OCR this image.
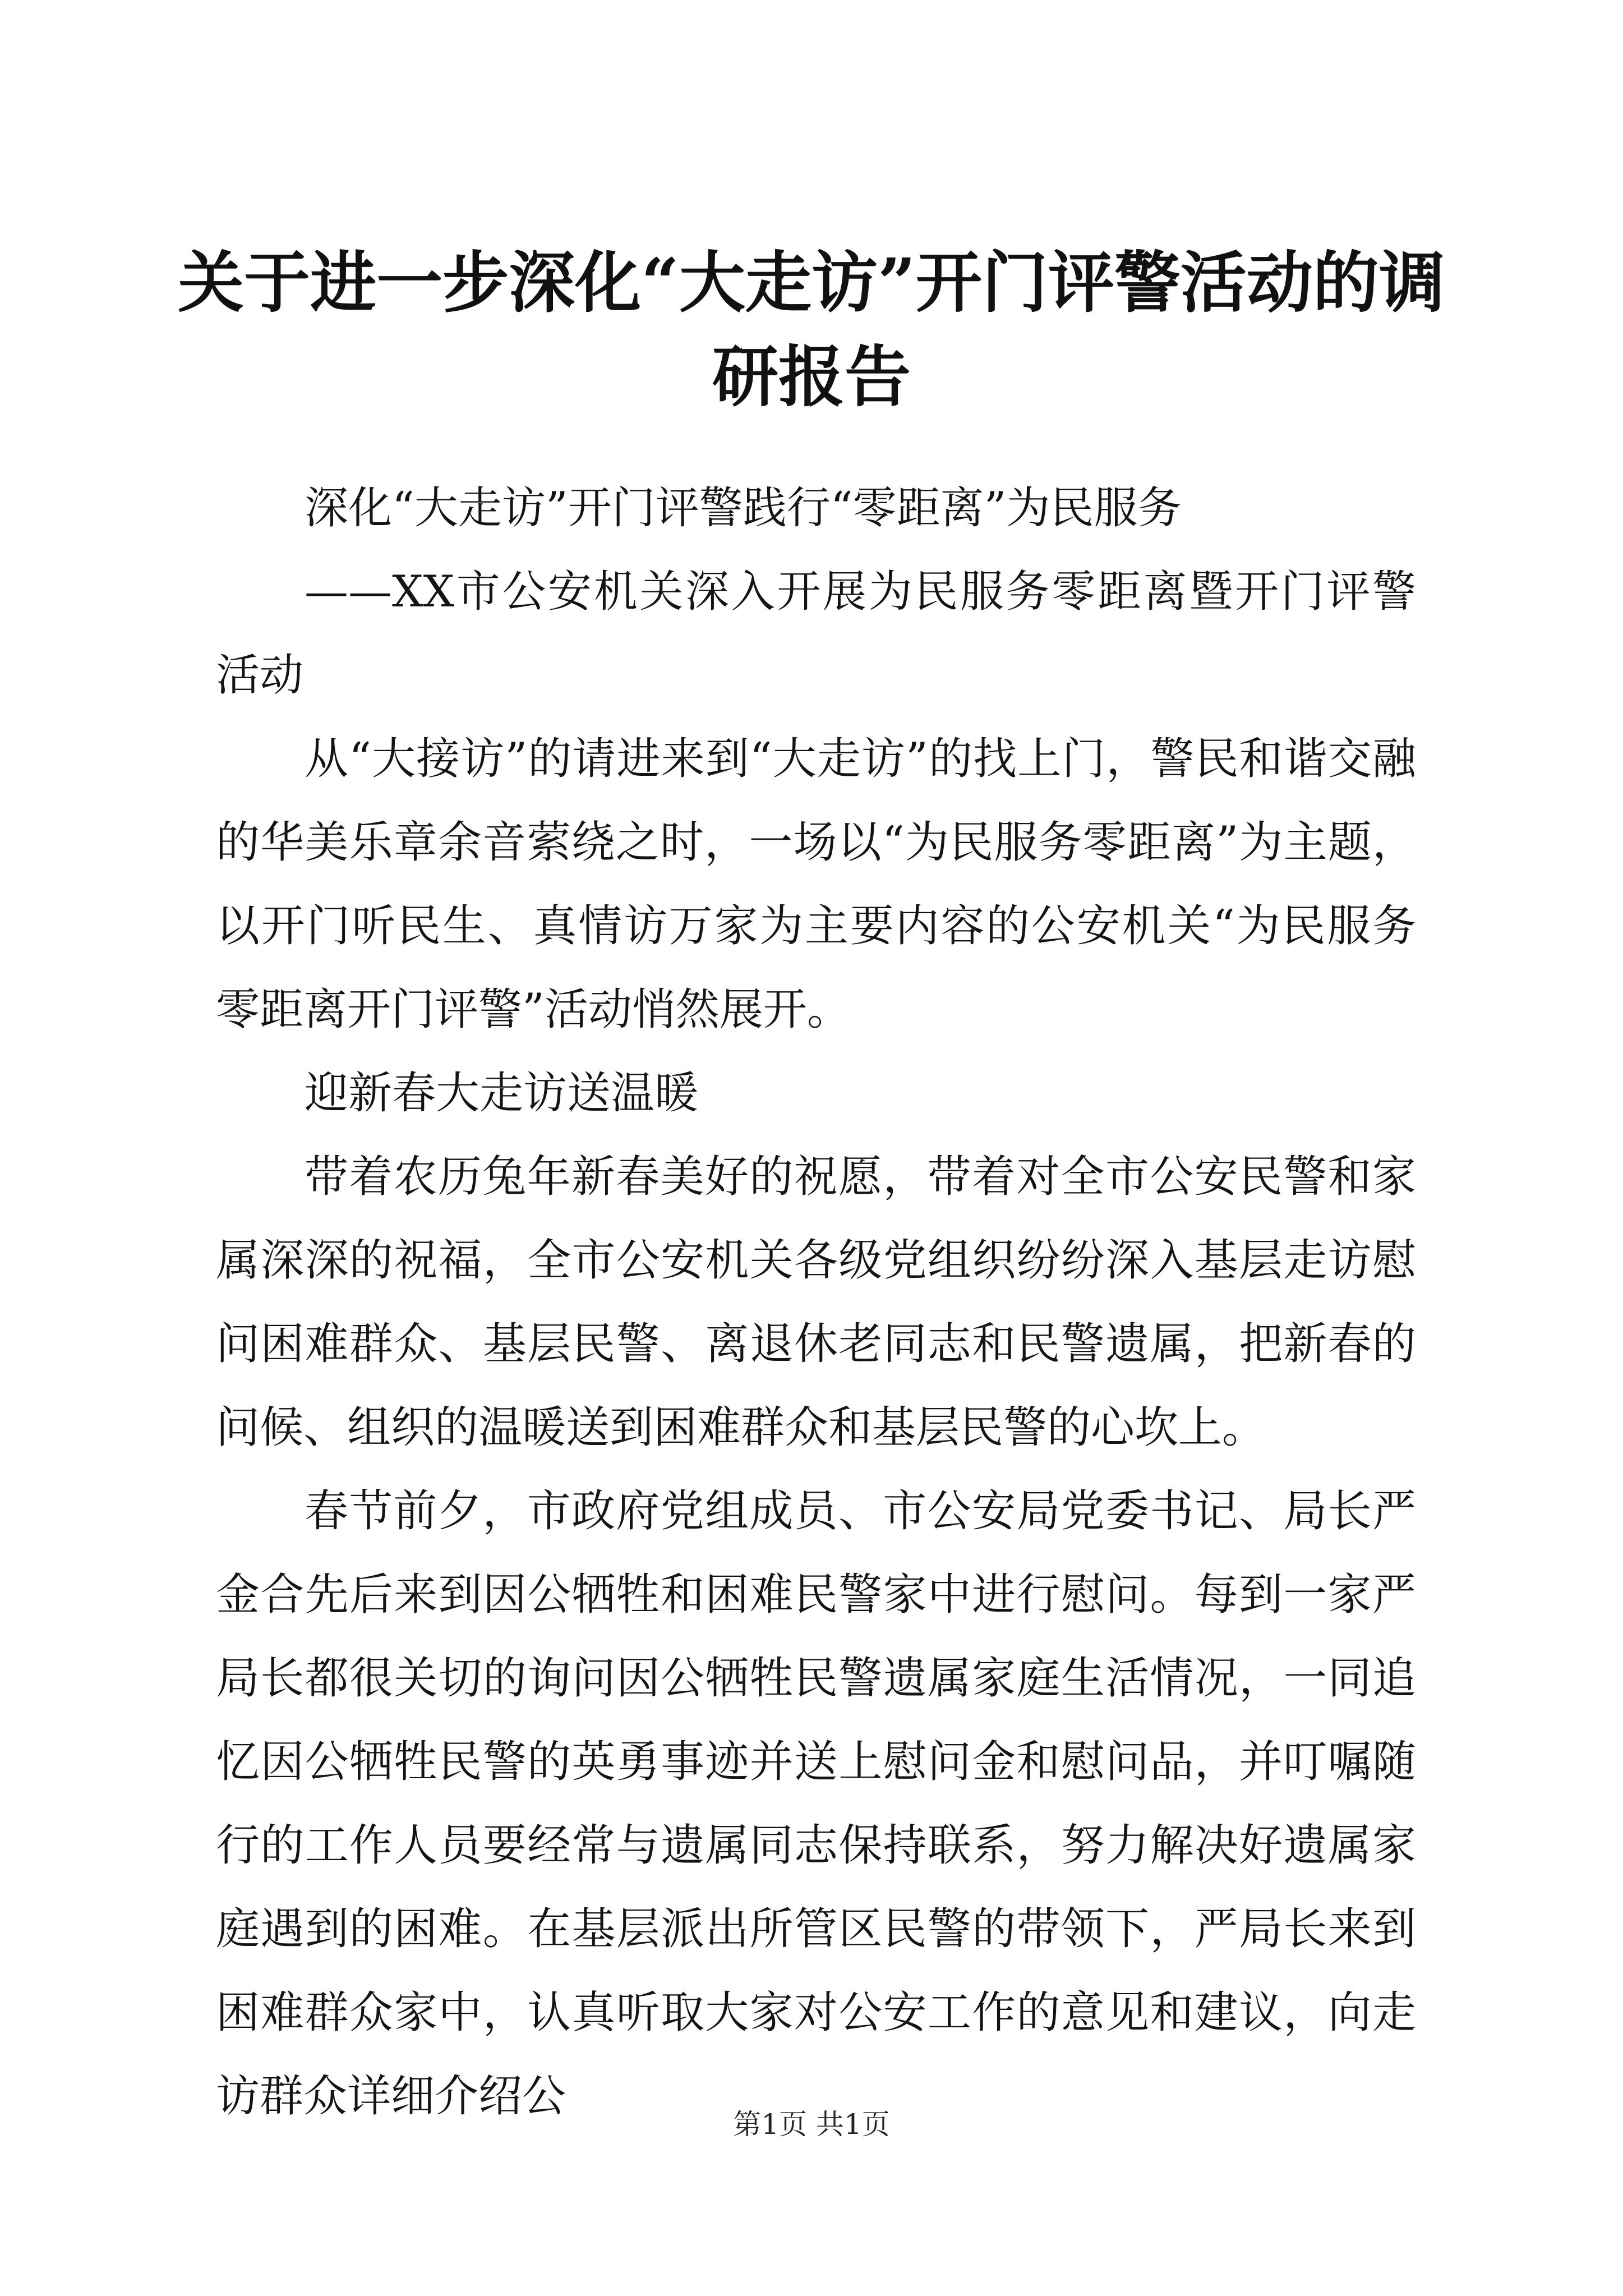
关于进一步深化“大走访”开门评警活动的调研报告

深化“大走访”开门评警践行“零距离”为民服务

——XX市公安机关深入开展为民服务零距离暨开门评警活动

从“大接访”的请进来到“大走访”的找上门，警民和谐交融的华美乐章余音萦绕之时，一场以“为民服务零距离”为主题，以开门听民生、真情访万家为主要内容的公安机关“为民服务零距离开门评警”活动悄然展开。

迎新春大走访送温暖

带着农历兔年新春美好的祝愿，带着对全市公安民警和家属深深的祝福，全市公安机关各级党组织纷纷深入基层走访慰问困难群众、基层民警、离退休老同志和民警遗属，把新春的问候、组织的温暖送到困难群众和基层民警的心坎上。

春节前夕，市政府党组成员、市公安局党委书记、局长严金合先后来到因公牺牲和困难民警家中进行慰问。每到一家严局长都很关切的询问因公牺牲民警遗属家庭生活情况，一同追忆因公牺牲民警的英勇事迹并送上慰问金和慰问品，并叮嘱随行的工作人员要经常与遗属同志保持联系，努力解决好遗属家庭遇到的困难。在基层派出所管区民警的带领下，严局长来到困难群众家中，认真听取大家对公安工作的意见和建议，向走访群众详细介绍公

第1页 共1页
